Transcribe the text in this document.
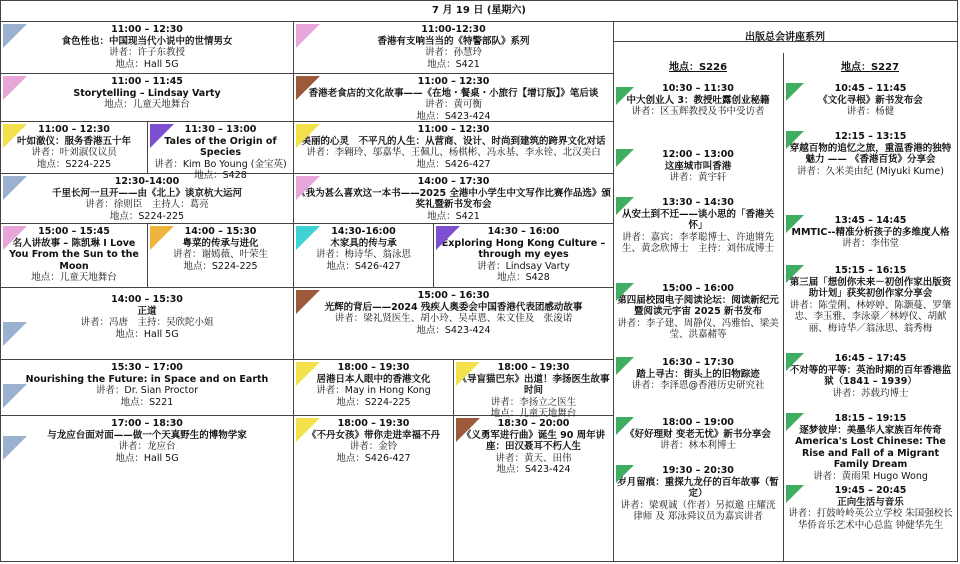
7 月 19 日 (星期六)
11:00 – 12:30
食色性也：中国现当代小说中的世情男女
讲者：许子东教授
地点：Hall 5G
11:00 – 11:45
Storytelling – Lindsay Varty
地点：儿童天地舞台
11:00 – 12:30
叶如澈仪：服务香港五十年
讲者：叶刘淑仪议员
地点：S224-225
11:30 – 13:00
Tales of the Origin of Species
讲者：Kim Bo Young (金宝英)
地点：S428
12:30-14:00
千里长河一旦开——由《北上》谈京杭大运河
讲者：徐则臣　主持人：葛亮
地点：S224-225
15:00 – 15:45
名人讲故事 – 陈凯琳 I Love You From the Sun to the Moon
地点：儿童天地舞台
14:00 – 15:30
粤菜的传承与进化
讲者：谢嫣薇、叶荣生
地点：S224-225
14:00 – 15:30
正道
讲者：冯唐　主持：吴欣陀小姐
地点：Hall 5G
15:30 – 17:00
Nourishing the Future: in Space and on Earth
讲者：Dr. Sian Proctor
地点：S221
17:00 – 18:30
与龙应台面对面——做一个天真野生的博物学家
讲者：龙应台
地点：Hall 5G
11:00-12:30
香港有支响当当的《特警部队》系列
讲者：孙慧玲
地点：S421
11:00 – 12:30
香港老食店的文化故事——《在地・餐桌・小旅行【增订版】》笔后谈
讲者：黄可衡
地点：S423-424
11:00 – 12:30
美丽的心灵　不平凡的人生：从营商、设计、时尚到建筑的跨界文化对话
讲者：李翱玲、邬嘉华、王佩儿、杨棋彬、冯永基、李永铨、北汉美白
地点：S426-427
14:00 – 17:30
《我为甚么喜欢这一本书——2025 全港中小学生中文写作比赛作品选》颁奖礼暨新书发布会
地点：S421
14:30-16:00
木家具的传与承
讲者：梅诗华、翁泳思
地点：S426-427
14:30 – 16:00
Exploring Hong Kong Culture – through my eyes
讲者：Lindsay Varty
地点：S428
15:00 – 16:30
光辉的背后——2024 残疾人奥委会中国香港代表团感动故事
讲者：梁礼贤医生、胡小玲、吴卓恩、朱文佳及　张浚诺
地点：S423-424
18:00 – 19:30
居港日本人眼中的香港文化
讲者：May in Hong Kong
地点：S224-225
18:00 – 19:30
《导盲猫巴东》出道！李扬医生故事时间
讲者：李扬立之医生
地点：儿童天地舞台
18:00 – 19:30
《不丹女孩》带你走进幸福不丹
讲者：金铃
地点：S426-427
18:30 – 20:00
《义勇军进行曲》诞生 90 周年讲座：田汉聂耳不朽人生
讲者：黄天、田伟
地点：S423-424
出版总会讲座系列
地点：S226	地点：S227
10:30 – 11:30
中大创业人 3：教授吐露创业秘籍
讲者：区玉辉教授及书中受访者
12:00 – 13:00
这座城市叫香港
讲者：黄宇轩
13:30 – 14:30
从安土到不迁——谈小思的「香港关怀」
讲者：嘉宾：李孝聪博士、许迪锵先生、黄念欣博士　主持：刘伟成博士
15:00 – 16:00
第四届校园电子阅读论坛：阅读新纪元暨阅读元宇宙 2025 新书发布
讲者：李子建、周静仪、冯雅怡、梁美莹、洪嘉赭等
16:30 – 17:30
踏上寻古：街头上的旧物踪迹
讲者：李泽恩@香港历史研究社
18:00 – 19:00
《好好理财 变老无忧》新书分享会
讲者：林本利博士
19:30 – 20:30
岁月留痕：重探九龙仔的百年故事（暂定）
讲者：梁观诚（作者）另拟邀 庄耀洸律师 及 郑泳舜议员为嘉宾讲者
10:45 – 11:45
《文化寻根》新书发布会
讲者：杨健
12:15 – 13:15
穿越百物的追忆之旅，重温香港的独特魅力 —— 《香港百货》分享会
讲者：久米美由纪 (Miyuki Kume)
13:45 – 14:45
MMTIC--精准分析孩子的多维度人格
讲者：李伟堂
15:15 – 16:15
第三届「想创你未来－初创作家出版资助计划」获奖初创作家分享会
讲者：陈莹俐、林婷婷、陈灏蔓、罗肇忠、李玉雅、李泳豪／林婷仪、胡献丽、梅诗华／翁泳思、翁秀梅
16:45 – 17:45
不对等的平等：英治时期的百年香港监狱（1841 – 1939）
讲者：苏载玓博士
18:15 – 19:15
逐梦彼岸：美墨华人家族百年传奇 America's Lost Chinese: The Rise and Fall of a Migrant Family Dream
讲者：黄雨果 Hugo Wong
19:45 – 20:45
正向生活与音乐
讲者：打鼓岭岭英公立学校 朱国强校长 华侨音乐艺术中心总监 钟健华先生
